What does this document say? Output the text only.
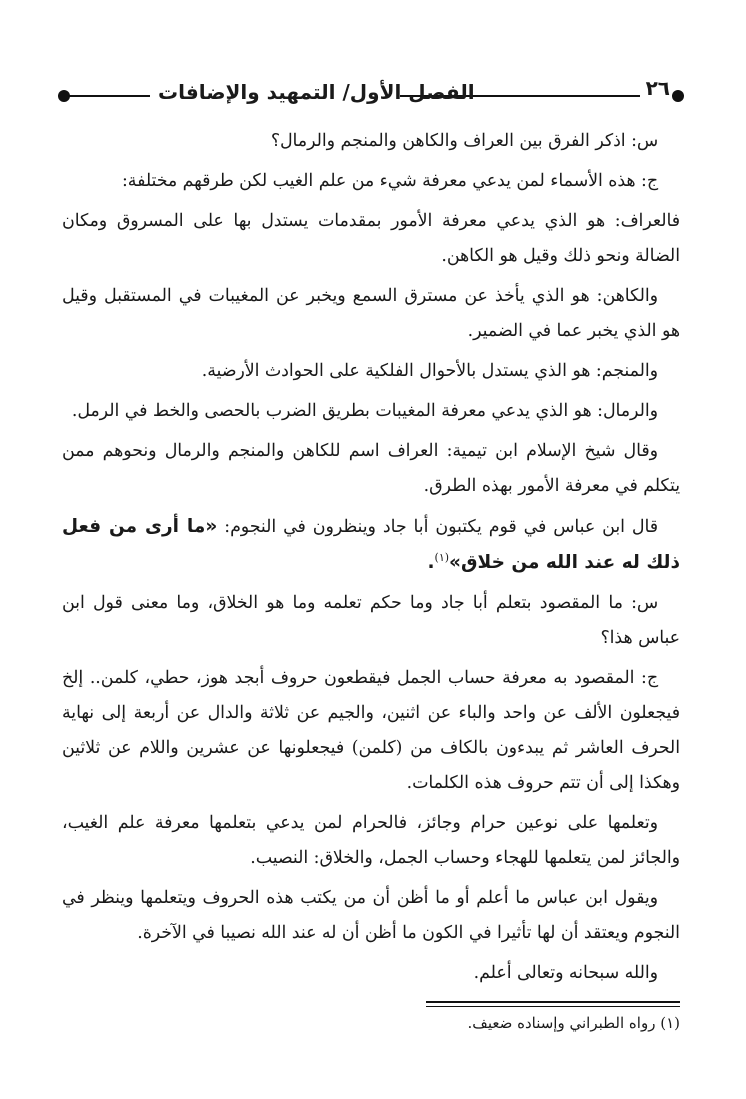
٢٦
الفصل الأول/ التمهيد والإضافات

س: اذكر الفرق بين العراف والكاهن والمنجم والرمال؟

ج: هذه الأسماء لمن يدعي معرفة شيء من علم الغيب لكن طرقهم مختلفة:

فالعراف: هو الذي يدعي معرفة الأمور بمقدمات يستدل بها على المسروق ومكان الضالة ونحو ذلك وقيل هو الكاهن.

والكاهن: هو الذي يأخذ عن مسترق السمع ويخبر عن المغيبات في المستقبل وقيل هو الذي يخبر عما في الضمير.

والمنجم: هو الذي يستدل بالأحوال الفلكية على الحوادث الأرضية.

والرمال: هو الذي يدعي معرفة المغيبات بطريق الضرب بالحصى والخط في الرمل.

وقال شيخ الإسلام ابن تيمية: العراف اسم للكاهن والمنجم والرمال ونحوهم ممن يتكلم في معرفة الأمور بهذه الطرق.

قال ابن عباس في قوم يكتبون أبا جاد وينظرون في النجوم: «ما أرى من فعل ذلك له عند الله من خلاق»$^{(١)}$.

س: ما المقصود بتعلم أبا جاد وما حكم تعلمه وما هو الخلاق، وما معنى قول ابن عباس هذا؟

ج: المقصود به معرفة حساب الجمل فيقطعون حروف أبجد هوز، حطي، كلمن.. إلخ فيجعلون الألف عن واحد والباء عن اثنين، والجيم عن ثلاثة والدال عن أربعة إلى نهاية الحرف العاشر ثم يبدءون بالكاف من (كلمن) فيجعلونها عن عشرين واللام عن ثلاثين وهكذا إلى أن تتم حروف هذه الكلمات.

وتعلمها على نوعين حرام وجائز، فالحرام لمن يدعي بتعلمها معرفة علم الغيب، والجائز لمن يتعلمها للهجاء وحساب الجمل، والخلاق: النصيب.

ويقول ابن عباس ما أعلم أو ما أظن أن من يكتب هذه الحروف ويتعلمها وينظر في النجوم ويعتقد أن لها تأثيرا في الكون ما أظن أن له عند الله نصيبا في الآخرة.

والله سبحانه وتعالى أعلم.

(١) رواه الطبراني وإسناده ضعيف.
